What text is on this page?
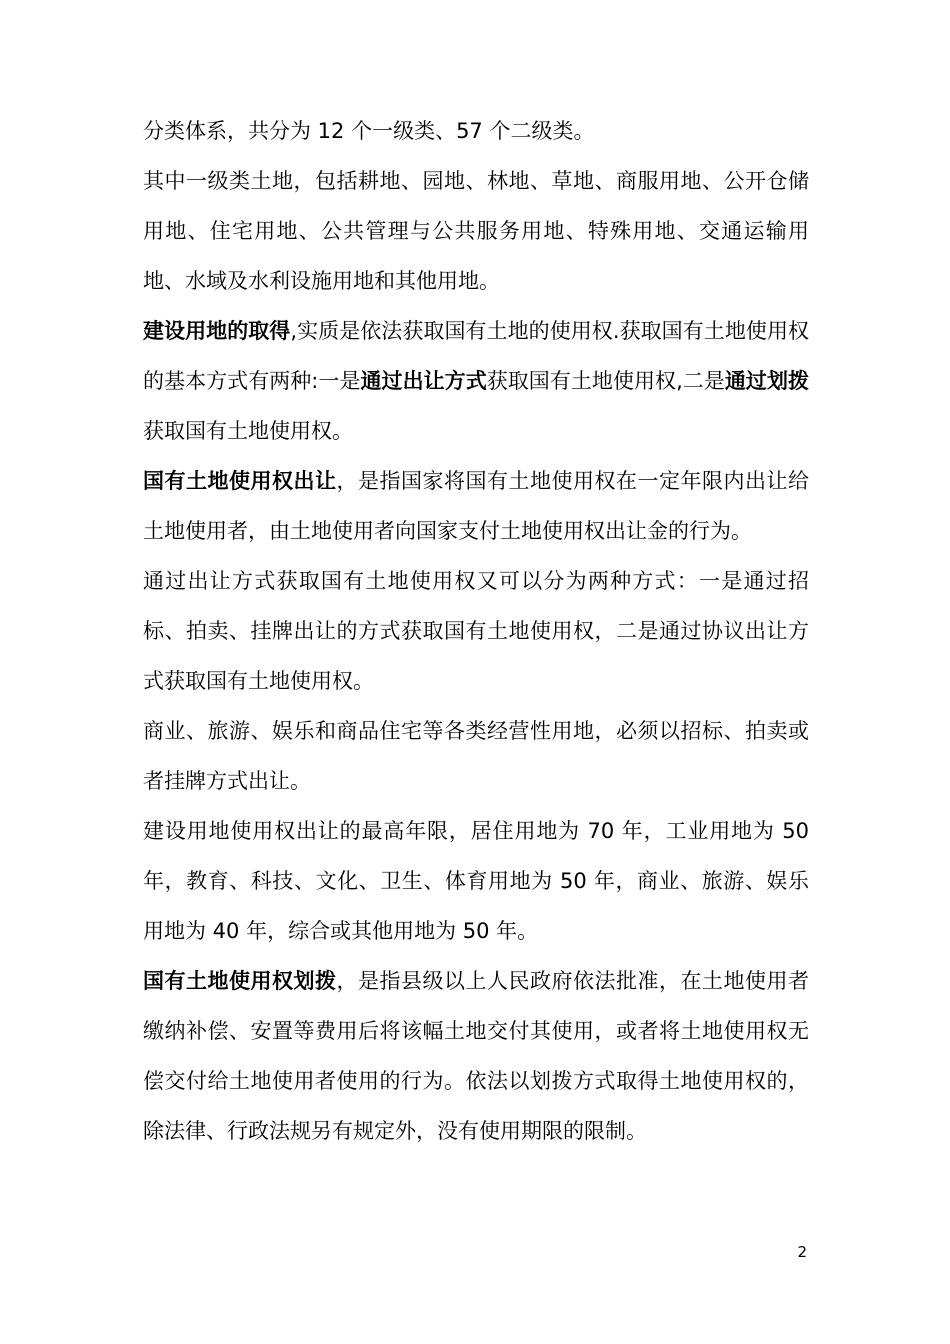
分类体系，共分为 12 个一级类、57 个二级类。

其中一级类土地，包括耕地、园地、林地、草地、商服用地、公开仓储用地、住宅用地、公共管理与公共服务用地、特殊用地、交通运输用地、水域及水利设施用地和其他用地。

建设用地的取得,实质是依法获取国有土地的使用权.获取国有土地使用权的基本方式有两种:一是通过出让方式获取国有土地使用权,二是通过划拨获取国有土地使用权。

国有土地使用权出让，是指国家将国有土地使用权在一定年限内出让给土地使用者，由土地使用者向国家支付土地使用权出让金的行为。

通过出让方式获取国有土地使用权又可以分为两种方式：一是通过招标、拍卖、挂牌出让的方式获取国有土地使用权，二是通过协议出让方式获取国有土地使用权。

商业、旅游、娱乐和商品住宅等各类经营性用地，必须以招标、拍卖或者挂牌方式出让。

建设用地使用权出让的最高年限，居住用地为 70 年，工业用地为 50 年，教育、科技、文化、卫生、体育用地为 50 年，商业、旅游、娱乐用地为 40 年，综合或其他用地为 50 年。

国有土地使用权划拨，是指县级以上人民政府依法批准，在土地使用者缴纳补偿、安置等费用后将该幅土地交付其使用，或者将土地使用权无偿交付给土地使用者使用的行为。依法以划拨方式取得土地使用权的，除法律、行政法规另有规定外，没有使用期限的限制。

2
